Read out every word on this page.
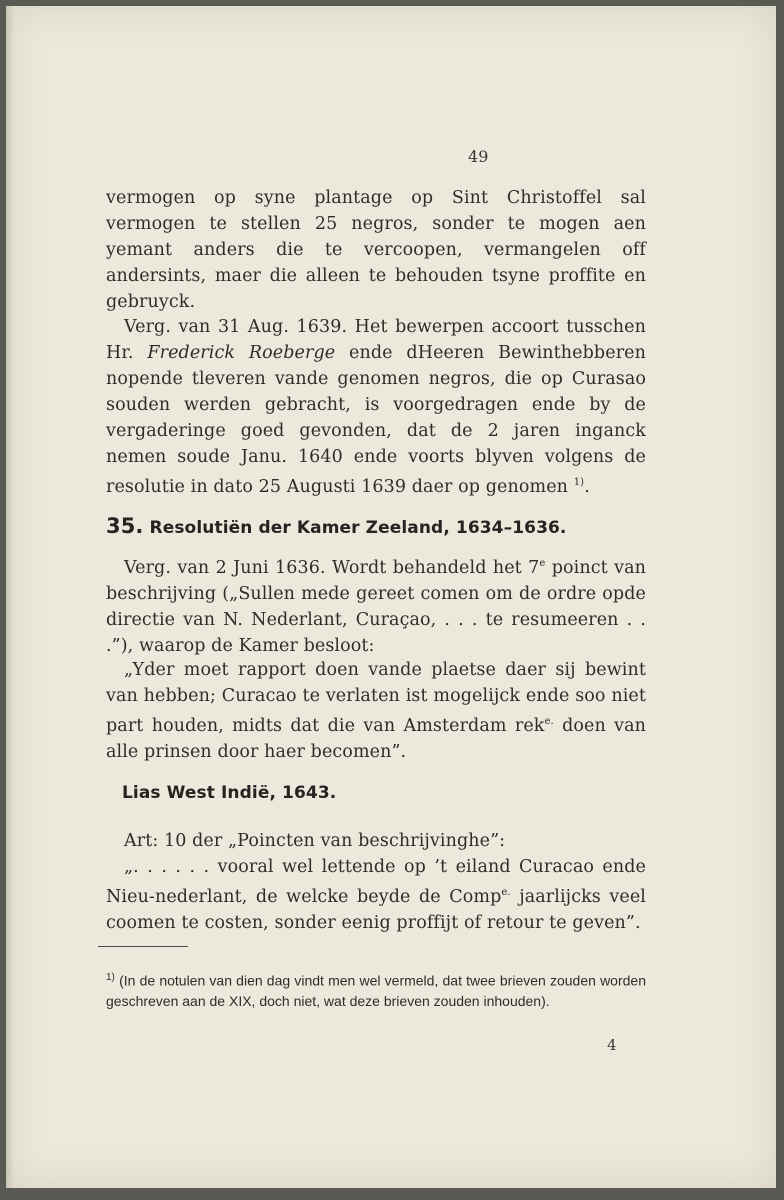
49
vermogen op syne plantage op Sint Christoffel sal vermogen te stellen 25 negros, sonder te mogen aen yemant anders die te vercoopen, vermangelen off andersints, maer die alleen te behouden tsyne proffite en gebruyck.
Verg. van 31 Aug. 1639. Het bewerpen accoort tusschen Hr. Frederick Roeberge ende dHeeren Bewinthebberen nopende tleveren vande genomen negros, die op Curasao souden werden gebracht, is voorgedragen ende by de vergaderinge goed gevonden, dat de 2 jaren inganck nemen soude Janu. 1640 ende voorts blyven volgens de resolutie in dato 25 Augusti 1639 daer op genomen $^{1)}$.
35. Resolutiën der Kamer Zeeland, 1634–1636.
Verg. van 2 Juni 1636. Wordt behandeld het 7e poinct van beschrijving („Sullen mede gereet comen om de ordre opde directie van N. Nederlant, Curaçao, . . . te resumeeren . . .”), waarop de Kamer besloot:
„Yder moet rapport doen vande plaetse daer sij bewint van hebben; Curacao te verlaten ist mogelijck ende soo niet part houden, midts dat die van Amsterdam rek$^{e.}$ doen van alle prinsen door haer becomen”.
Lias West Indië, 1643.
Art: 10 der „Poincten van beschrijvinghe”:
„. . . . . . vooral wel lettende op ’t eiland Curacao ende Nieu-nederlant, de welcke beyde de Comp$^{e.}$ jaarlijcks veel coomen te costen, sonder eenig proffijt of retour te geven”.
$^{1)}$ (In de notulen van dien dag vindt men wel vermeld, dat twee brieven zouden worden geschreven aan de XIX, doch niet, wat deze brieven zouden inhouden).
4
